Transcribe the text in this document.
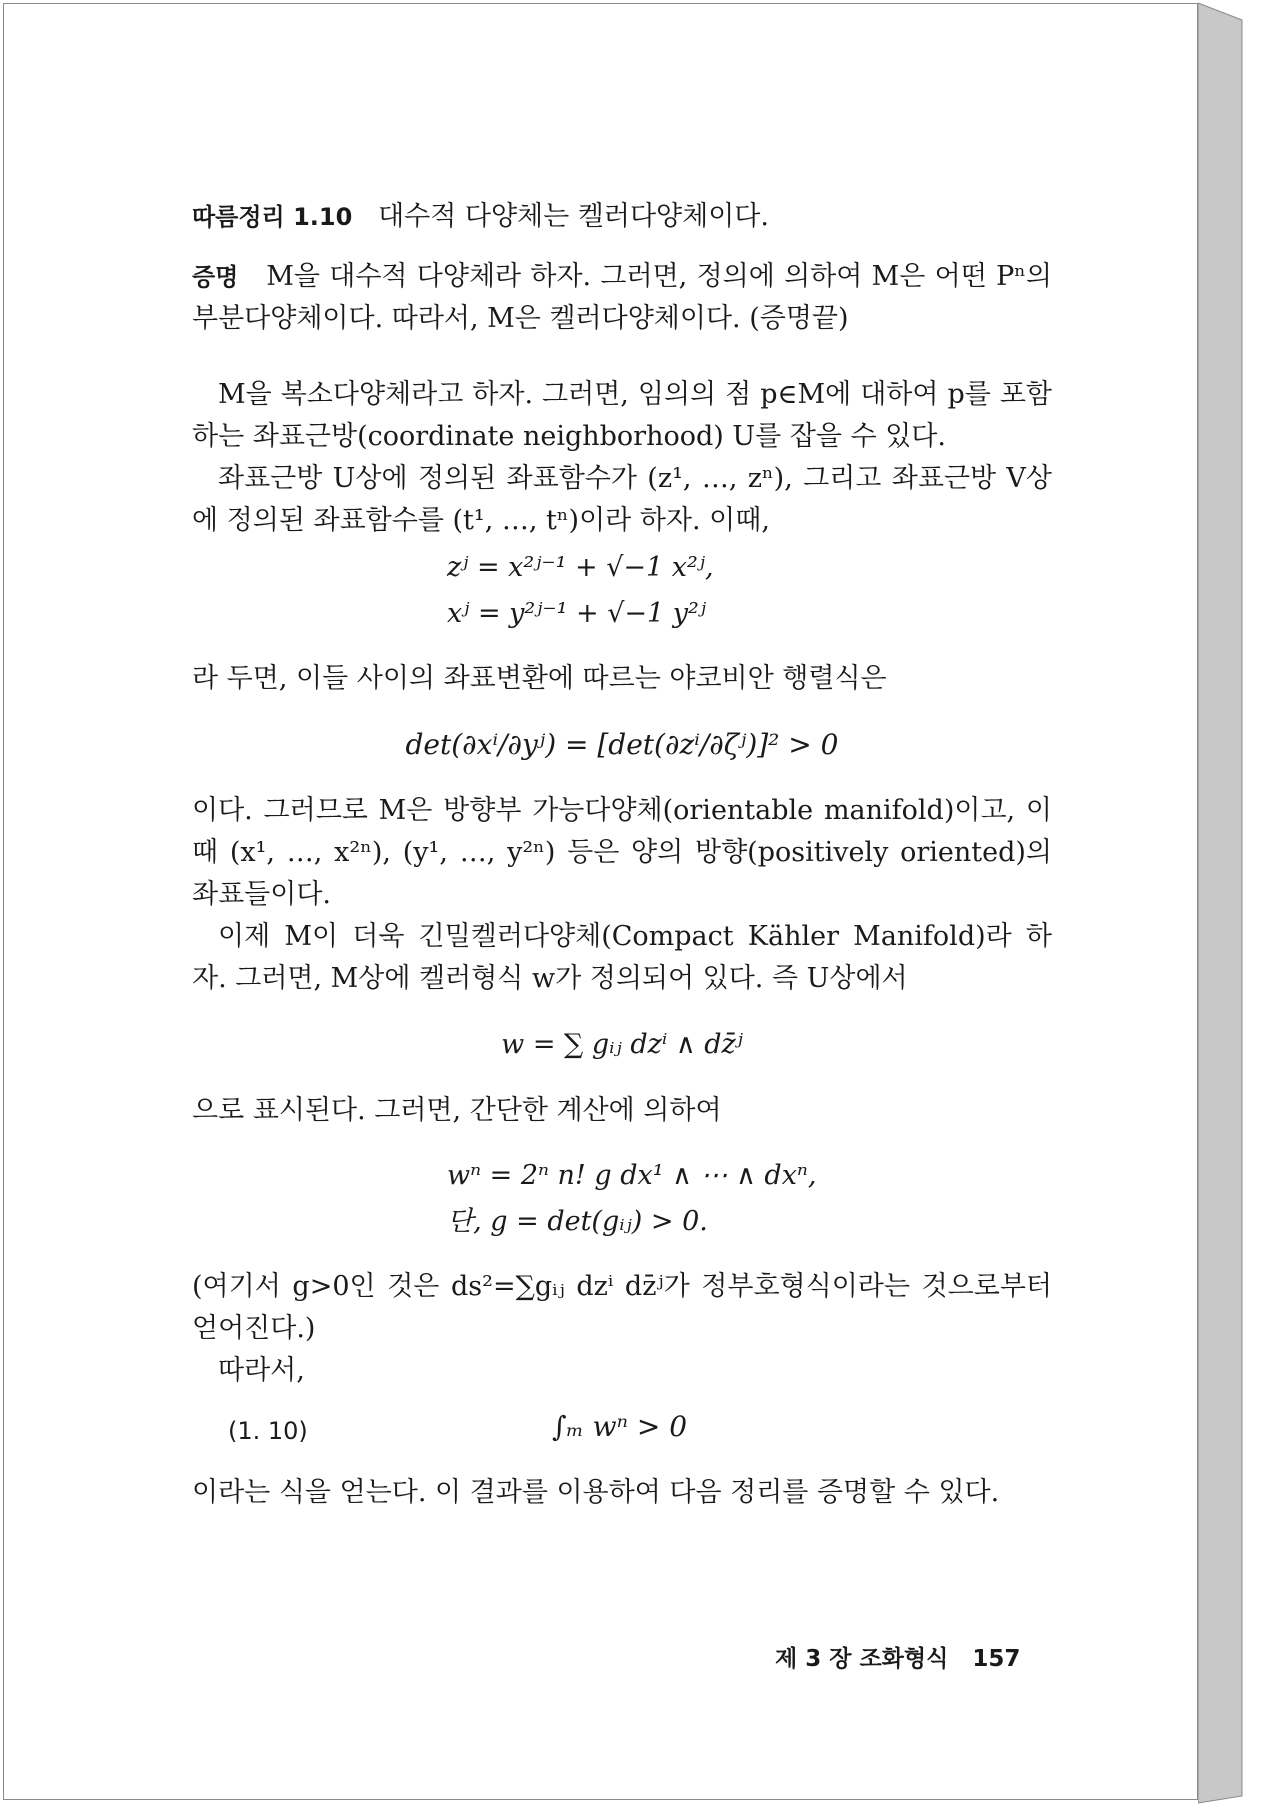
따름정리 1.10 대수적 다양체는 켈러다양체이다.

증명 M을 대수적 다양체라 하자. 그러면, 정의에 의하여 M은 어떤 Pⁿ의 부분다양체이다. 따라서, M은 켈러다양체이다. (증명끝)

M을 복소다양체라고 하자. 그러면, 임의의 점 p∈M에 대하여 p를 포함하는 좌표근방(coordinate neighborhood) U를 잡을 수 있다.

좌표근방 U상에 정의된 좌표함수가 (z¹, …, zⁿ), 그리고 좌표근방 V상에 정의된 좌표함수를 (t¹, …, tⁿ)이라 하자. 이때,

zʲ = x²ʲ⁻¹ + √−1 x²ʲ,
xʲ = y²ʲ⁻¹ + √−1 y²ʲ

라 두면, 이들 사이의 좌표변환에 따르는 야코비안 행렬식은

det(∂xⁱ/∂yʲ) = [det(∂zⁱ/∂ζʲ)]² > 0

이다. 그러므로 M은 방향부 가능다양체(orientable manifold)이고, 이때 (x¹, …, x²ⁿ), (y¹, …, y²ⁿ) 등은 양의 방향(positively oriented)의 좌표들이다.

이제 M이 더욱 긴밀켈러다양체(Compact Kähler Manifold)라 하자. 그러면, M상에 켈러형식 w가 정의되어 있다. 즉 U상에서

w = ∑ gᵢⱼ dzⁱ ∧ dz̄ʲ

으로 표시된다. 그러면, 간단한 계산에 의하여

wⁿ = 2ⁿ n! g dx¹ ∧ ⋯ ∧ dxⁿ,
단, g = det(gᵢⱼ) > 0.

(여기서 g>0인 것은 ds²=∑gᵢⱼ dzⁱ dz̄ʲ가 정부호형식이라는 것으로부터 얻어진다.)

따라서,

(1. 10)	∫ₘ wⁿ > 0

이라는 식을 얻는다. 이 결과를 이용하여 다음 정리를 증명할 수 있다.

제 3 장 조화형식 157
